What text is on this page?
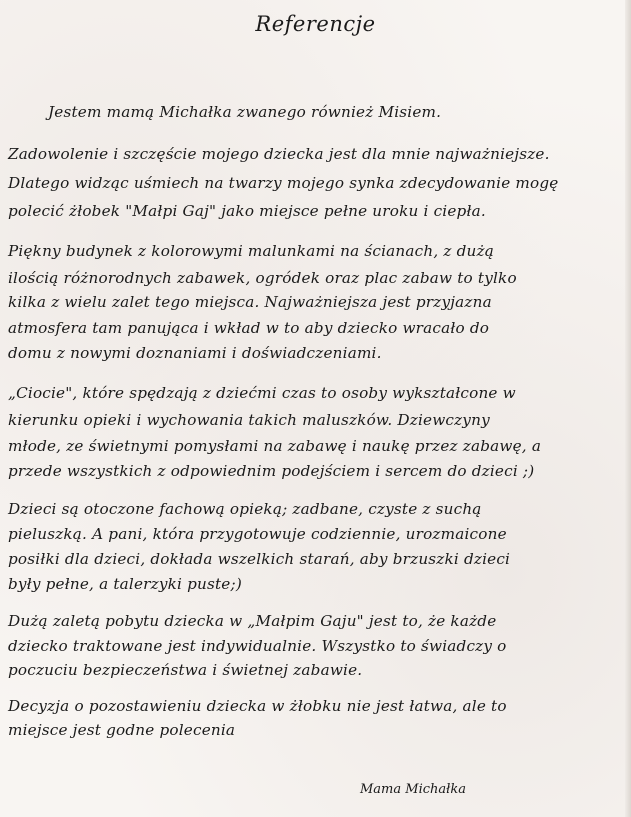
Referencje
Jestem mamą Michałka zwanego również Misiem.
Zadowolenie i szczęście mojego dziecka jest dla mnie najważniejsze.
Dlatego widząc uśmiech na twarzy mojego synka zdecydowanie mogę
polecić żłobek "Małpi Gaj" jako miejsce pełne uroku i ciepła.
Piękny budynek z kolorowymi malunkami na ścianach, z dużą
ilością różnorodnych zabawek, ogródek oraz plac zabaw to tylko
kilka z wielu zalet tego miejsca. Najważniejsza jest przyjazna
atmosfera tam panująca i wkład w to aby dziecko wracało do
domu z nowymi doznaniami i doświadczeniami.
„Ciocie", które spędzają z dziećmi czas to osoby wykształcone w
kierunku opieki i wychowania takich maluszków. Dziewczyny
młode, ze świetnymi pomysłami na zabawę i naukę przez zabawę, a
przede wszystkich z odpowiednim podejściem i sercem do dzieci ;)
Dzieci są otoczone fachową opieką; zadbane, czyste z suchą
pieluszką. A pani, która przygotowuje codziennie, urozmaicone
posiłki dla dzieci, dokłada wszelkich starań, aby brzuszki dzieci
były pełne, a talerzyki puste;)
Dużą zaletą pobytu dziecka w „Małpim Gaju" jest to, że każde
dziecko traktowane jest indywidualnie. Wszystko to świadczy o
poczuciu bezpieczeństwa i świetnej zabawie.
Decyzja o pozostawieniu dziecka w żłobku nie jest łatwa, ale to
miejsce jest godne polecenia
Mama Michałka
